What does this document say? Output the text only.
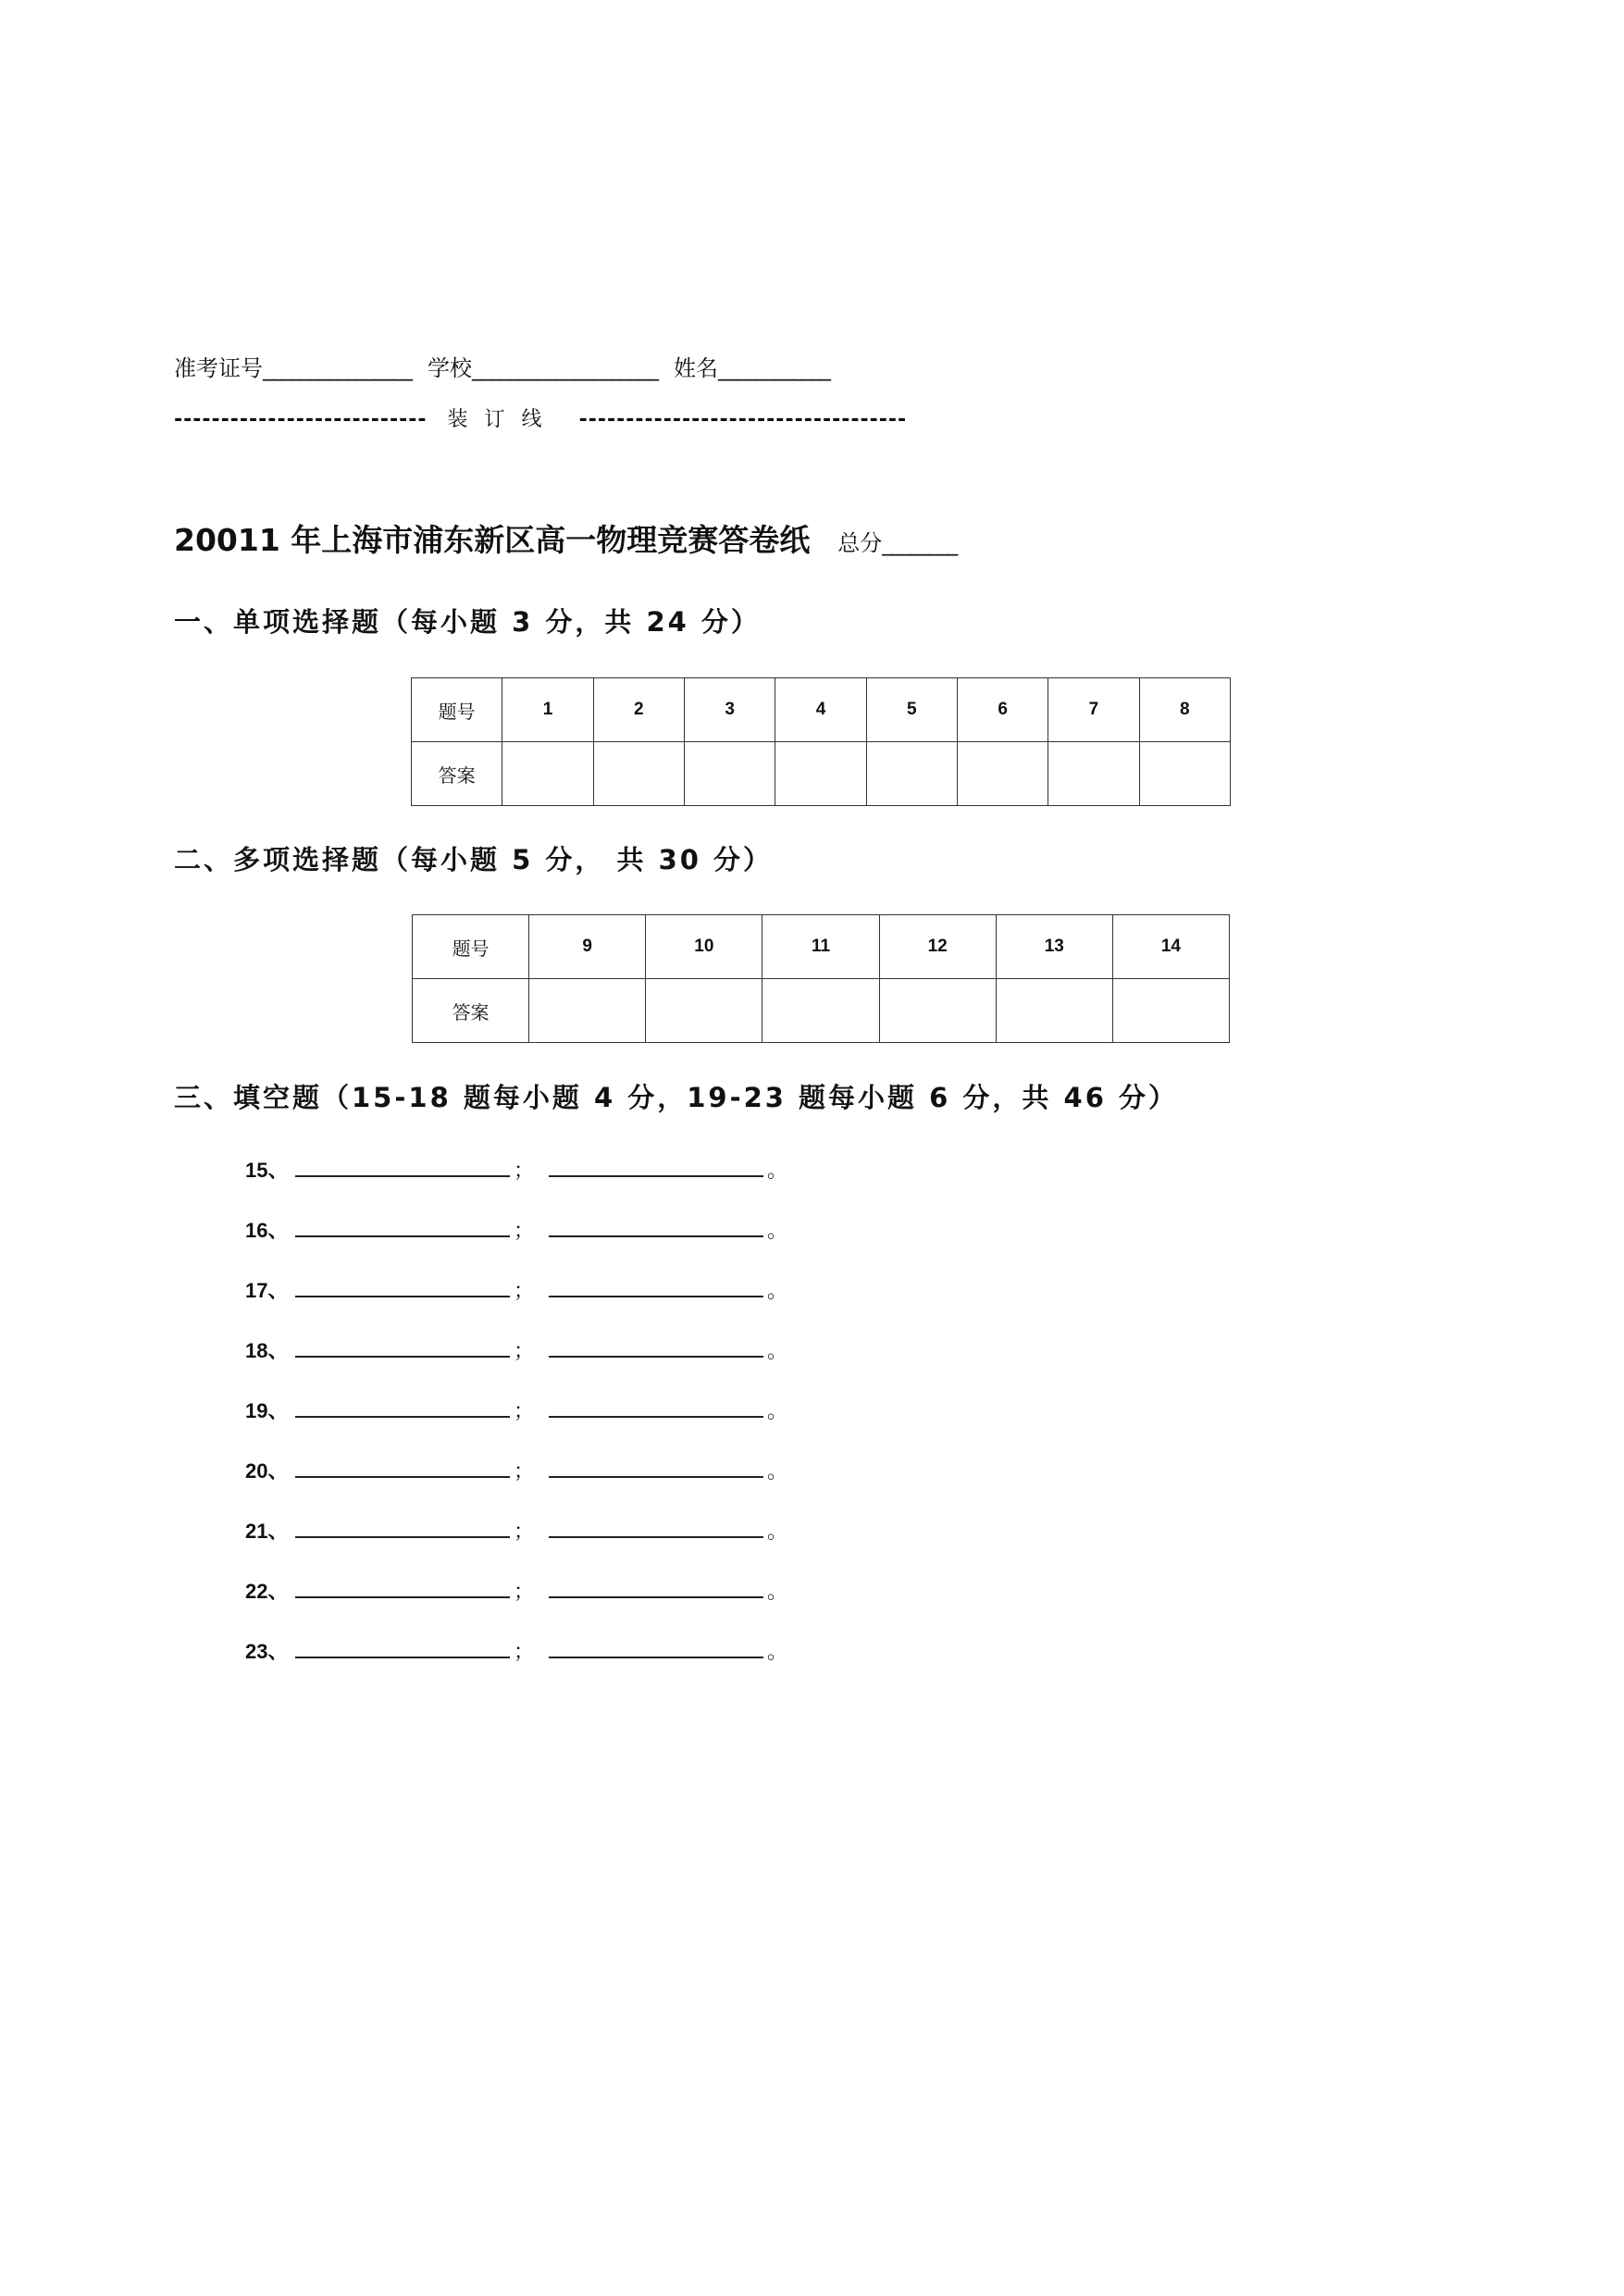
准考证号________________ 学校____________________ 姓名____________
--------------------------- 装订线 -----------------------------------
20011 年上海市浦东新区高一物理竞赛答卷纸 总分________
一、单项选择题（每小题 3 分，共 24 分）
题号	1	2	3	4	5	6	7	8
答案								
二、多项选择题（每小题 5 分， 共 30 分）
题号	9	10	11	12	13	14
答案						
三、填空题（15-18 题每小题 4 分，19-23 题每小题 6 分，共 46 分）
15、	；	。
16、	；	。
17、	；	。
18、	；	。
19、	；	。
20、	；	。
21、	；	。
22、	；	。
23、	；	。
